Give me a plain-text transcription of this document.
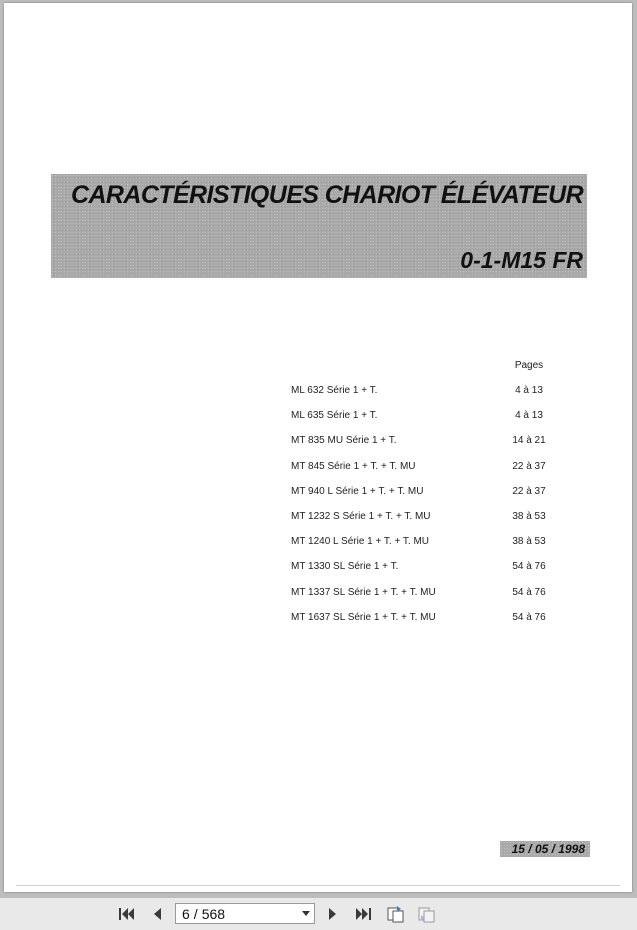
CARACTÉRISTIQUES CHARIOT ÉLÉVATEUR
0-1-M15 FR
Pages
ML 632 Série 1 + T.	4 à 13
ML 635 Série 1 + T.	4 à 13
MT 835 MU Série 1 + T.	14 à 21
MT 845 Série 1 + T. + T. MU	22 à 37
MT 940 L Série 1 + T. + T. MU	22 à 37
MT 1232 S Série 1 + T. + T. MU	38 à 53
MT 1240 L Série 1 + T. + T. MU	38 à 53
MT 1330 SL Série 1 + T.	54 à 76
MT 1337 SL Série 1 + T. + T. MU	54 à 76
MT 1637 SL Série 1 + T. + T. MU	54 à 76
15 / 05 / 1998
6 / 568
